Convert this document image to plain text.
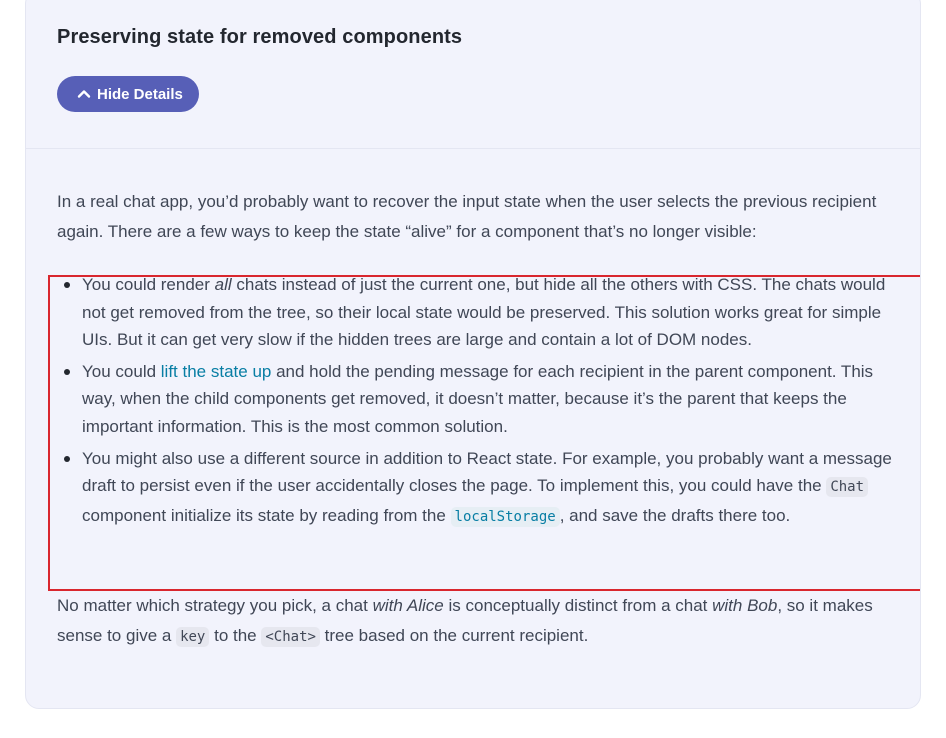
Preserving state for removed components
Hide Details

In a real chat app, you’d probably want to recover the input state when the user selects the previous recipient again. There are a few ways to keep the state “alive” for a component that’s no longer visible:

You could render all chats instead of just the current one, but hide all the others with CSS. The chats would not get removed from the tree, so their local state would be preserved. This solution works great for simple UIs. But it can get very slow if the hidden trees are large and contain a lot of DOM nodes.
You could lift the state up and hold the pending message for each recipient in the parent component. This way, when the child components get removed, it doesn’t matter, because it’s the parent that keeps the important information. This is the most common solution.
You might also use a different source in addition to React state. For example, you probably want a message draft to persist even if the user accidentally closes the page. To implement this, you could have the Chat component initialize its state by reading from the localStorage , and save the drafts there too.

No matter which strategy you pick, a chat with Alice is conceptually distinct from a chat with Bob, so it makes sense to give a key to the <Chat> tree based on the current recipient.
